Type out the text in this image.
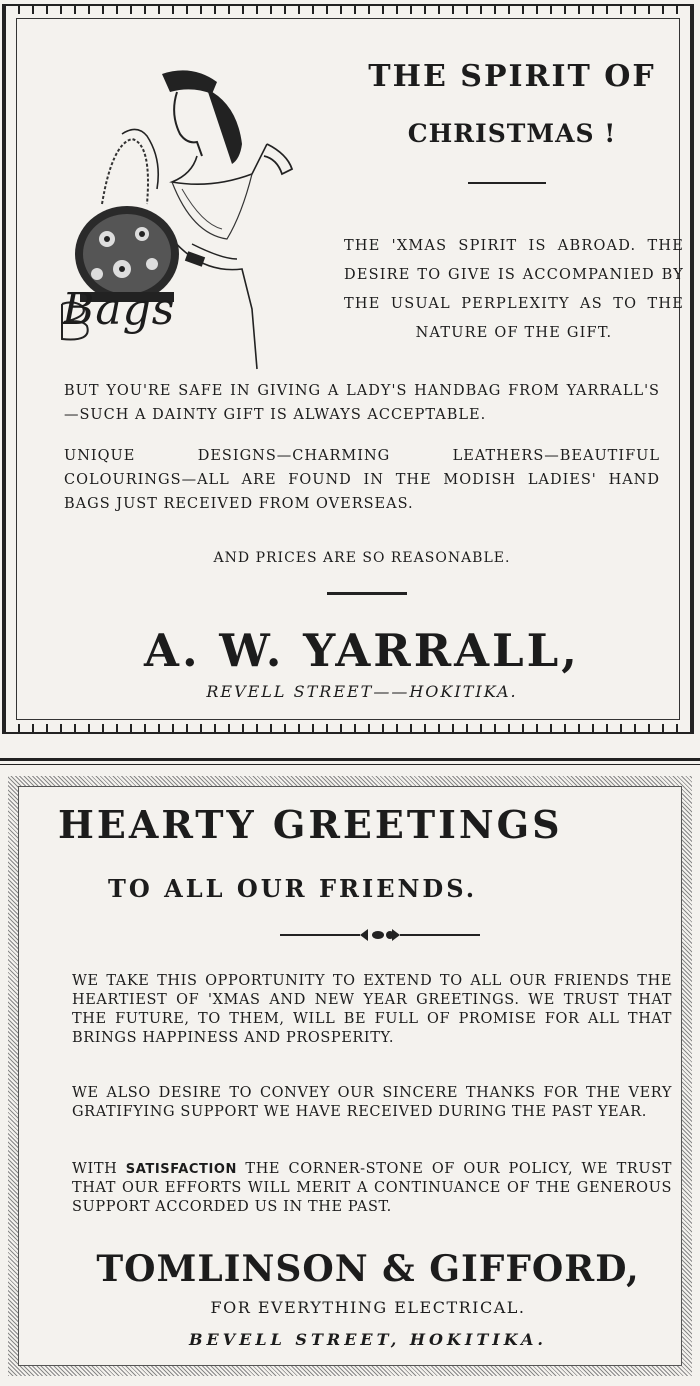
Bags
THE SPIRIT OF
CHRISTMAS !

THE 'XMAS SPIRIT IS ABROAD. THE DESIRE TO GIVE IS ACCOMPANIED BY THE USUAL PERPLEXITY AS TO THE NATURE OF THE GIFT.

BUT YOU'RE SAFE IN GIVING A LADY'S HANDBAG FROM YARRALL'S—SUCH A DAINTY GIFT IS ALWAYS ACCEPTABLE.

UNIQUE DESIGNS—CHARMING LEATHERS—BEAUTIFUL COLOURINGS—ALL ARE FOUND IN THE MODISH LADIES' HAND BAGS JUST RECEIVED FROM OVERSEAS.

AND PRICES ARE SO REASONABLE.

A. W. YARRALL,
REVELL STREET——HOKITIKA.
HEARTY GREETINGS
TO ALL OUR FRIENDS.

WE TAKE THIS OPPORTUNITY TO EXTEND TO ALL OUR FRIENDS THE HEARTIEST OF 'XMAS AND NEW YEAR GREETINGS. WE TRUST THAT THE FUTURE, TO THEM, WILL BE FULL OF PROMISE FOR ALL THAT BRINGS HAPPINESS AND PROSPERITY.

WE ALSO DESIRE TO CONVEY OUR SINCERE THANKS FOR THE VERY GRATIFYING SUPPORT WE HAVE RECEIVED DURING THE PAST YEAR.

WITH SATISFACTION THE CORNER-STONE OF OUR POLICY, WE TRUST THAT OUR EFFORTS WILL MERIT A CONTINUANCE OF THE GENEROUS SUPPORT ACCORDED US IN THE PAST.

TOMLINSON & GIFFORD,
FOR EVERYTHING ELECTRICAL.
BEVELL STREET, HOKITIKA.
